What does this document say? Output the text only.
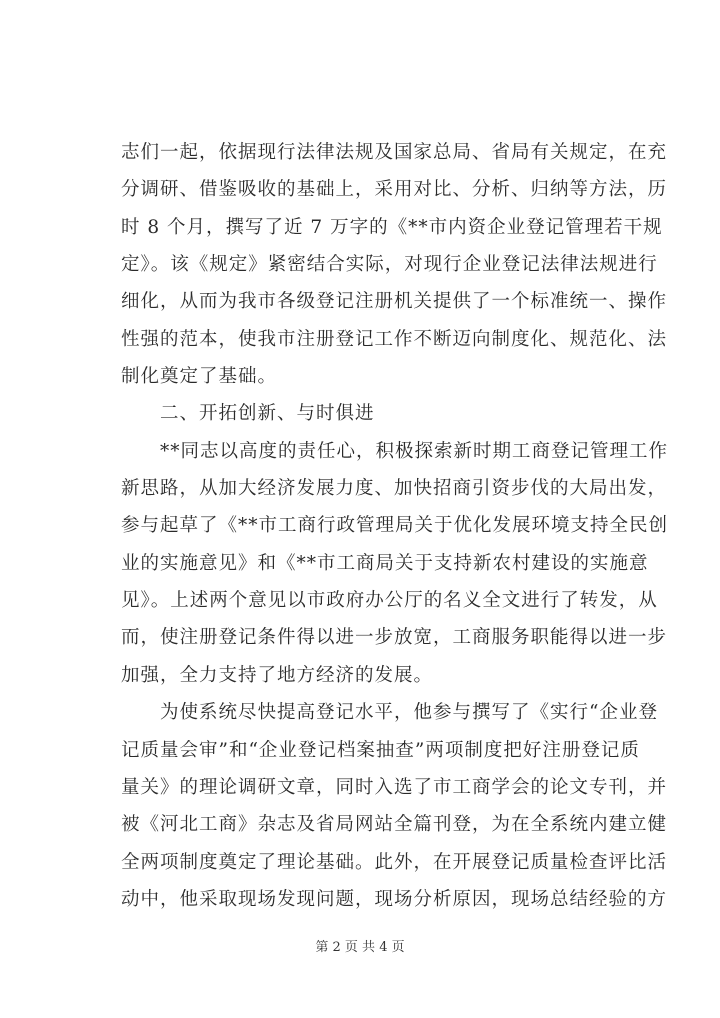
志们一起，依据现行法律法规及国家总局、省局有关规定，在充
分调研、借鉴吸收的基础上，采用对比、分析、归纳等方法，历
时 8 个月，撰写了近 7 万字的《**市内资企业登记管理若干规
定》。该《规定》紧密结合实际，对现行企业登记法律法规进行
细化，从而为我市各级登记注册机关提供了一个标准统一、操作
性强的范本，使我市注册登记工作不断迈向制度化、规范化、法
制化奠定了基础。
　　二、开拓创新、与时俱进
　　**同志以高度的责任心，积极探索新时期工商登记管理工作
新思路，从加大经济发展力度、加快招商引资步伐的大局出发，
参与起草了《**市工商行政管理局关于优化发展环境支持全民创
业的实施意见》和《**市工商局关于支持新农村建设的实施意
见》。上述两个意见以市政府办公厅的名义全文进行了转发，从
而，使注册登记条件得以进一步放宽，工商服务职能得以进一步
加强，全力支持了地方经济的发展。
　　为使系统尽快提高登记水平，他参与撰写了《实行“企业登
记质量会审”和“企业登记档案抽查”两项制度把好注册登记质
量关》的理论调研文章，同时入选了市工商学会的论文专刊，并
被《河北工商》杂志及省局网站全篇刊登，为在全系统内建立健
全两项制度奠定了理论基础。此外，在开展登记质量检查评比活
动中，他采取现场发现问题，现场分析原因，现场总结经验的方
第 2 页 共 4 页
